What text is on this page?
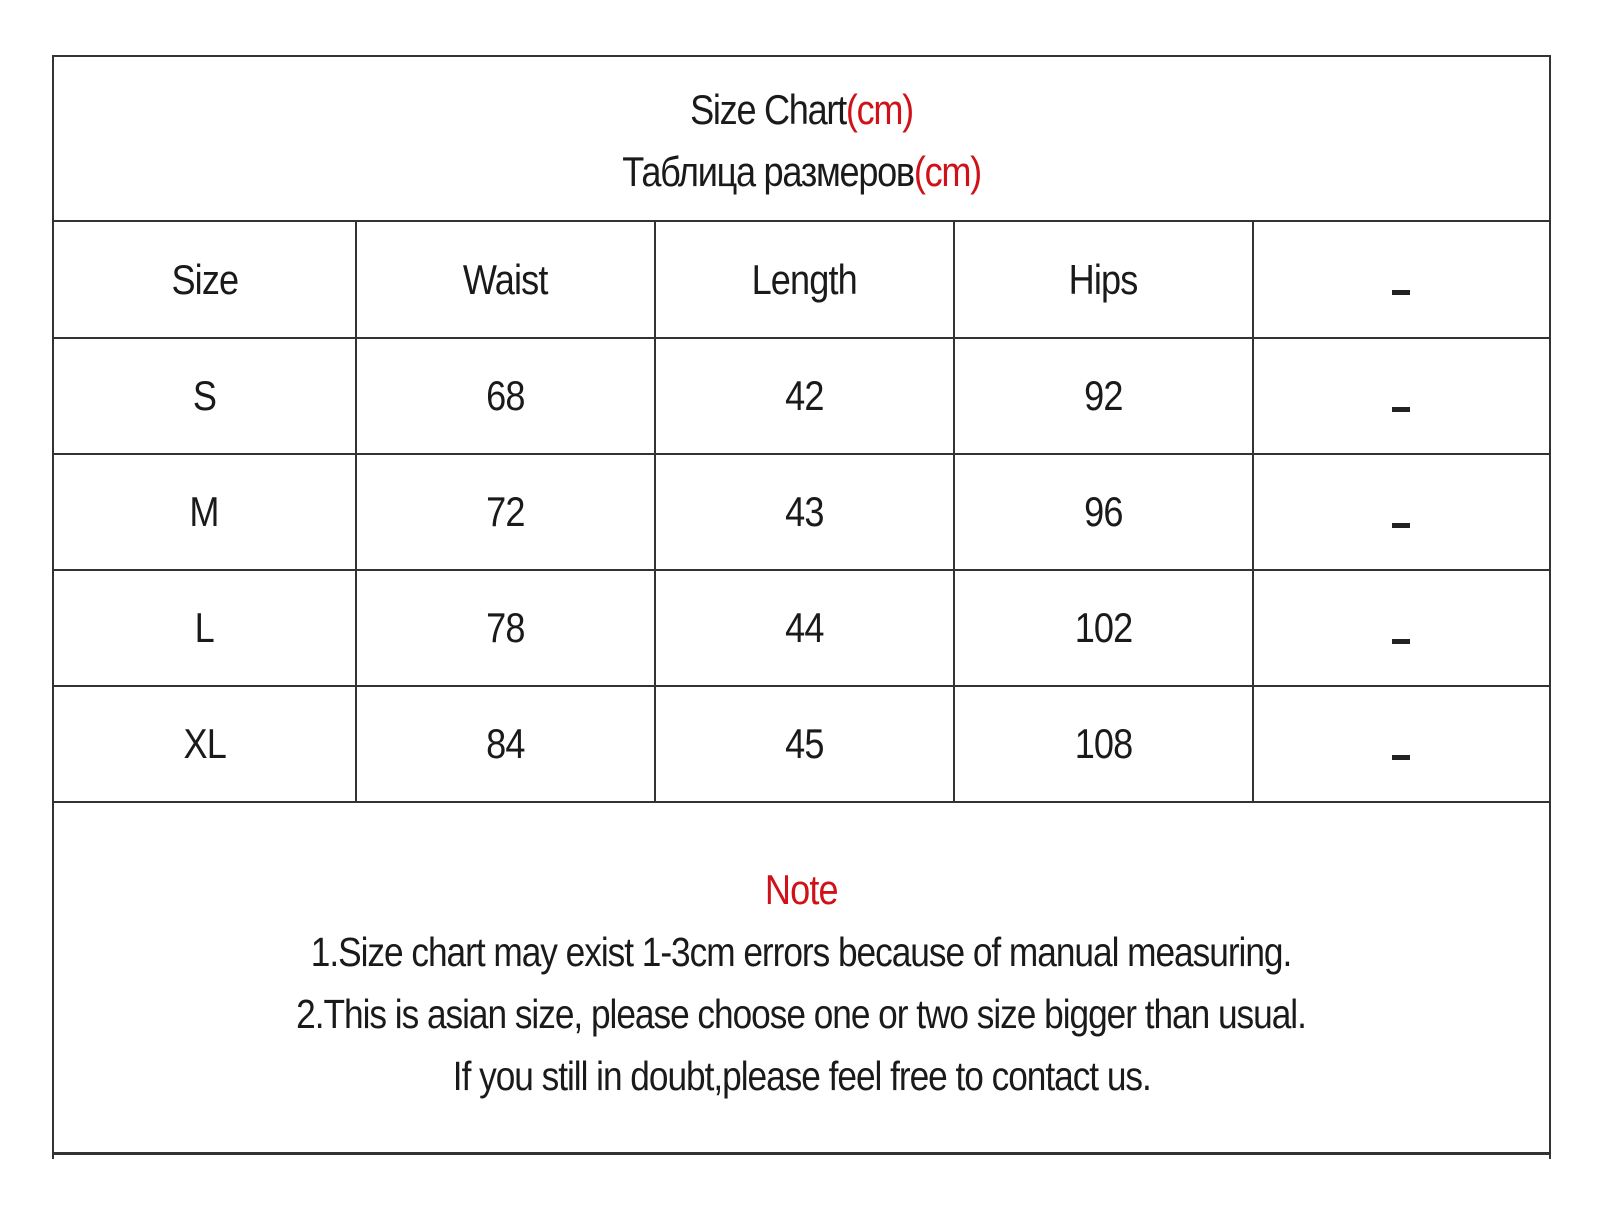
Size Chart(cm)
Таблица размеров(cm)
Size	Waist	Length	Hips	

S	68	42	92	

M	72	43	96	

L	78	44	102	

XL	84	45	108	
Note
1.Size chart may exist 1-3cm errors because of manual measuring.
2.This is asian size, please choose one or two size bigger than usual.
If you still in doubt,please feel free to contact us.
